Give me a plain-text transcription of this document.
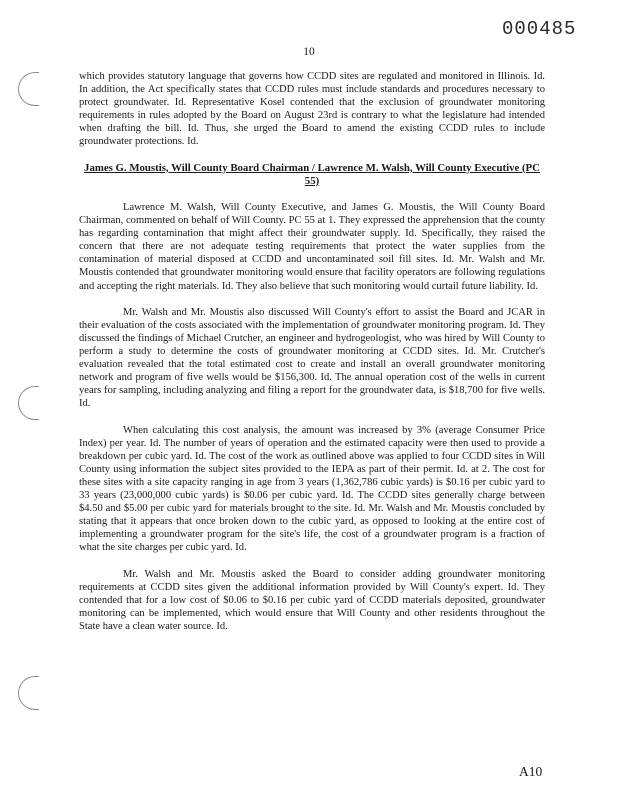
000485
10

which provides statutory language that governs how CCDD sites are regulated and monitored in Illinois. Id. In addition, the Act specifically states that CCDD rules must include standards and procedures necessary to protect groundwater. Id. Representative Kosel contended that the exclusion of groundwater monitoring requirements in rules adopted by the Board on August 23rd is contrary to what the legislature had intended when drafting the bill. Id. Thus, she urged the Board to amend the existing CCDD rules to include groundwater protections. Id.

James G. Moustis, Will County Board Chairman / Lawrence M. Walsh, Will County Executive (PC 55)

Lawrence M. Walsh, Will County Executive, and James G. Moustis, the Will County Board Chairman, commented on behalf of Will County. PC 55 at 1. They expressed the apprehension that the county has regarding contamination that might affect their groundwater supply. Id. Specifically, they raised the concern that there are not adequate testing requirements that protect the water supplies from the contamination of material disposed at CCDD and uncontaminated soil fill sites. Id. Mr. Walsh and Mr. Moustis contended that groundwater monitoring would ensure that facility operators are following regulations and accepting the right materials. Id. They also believe that such monitoring would curtail future liability. Id.

Mr. Walsh and Mr. Moustis also discussed Will County's effort to assist the Board and JCAR in their evaluation of the costs associated with the implementation of groundwater monitoring program. Id. They discussed the findings of Michael Crutcher, an engineer and hydrogeologist, who was hired by Will County to perform a study to determine the costs of groundwater monitoring at CCDD sites. Id. Mr. Crutcher's evaluation revealed that the total estimated cost to create and install an overall groundwater monitoring network and program of five wells would be $156,300. Id. The annual operation cost of the wells in current years for sampling, including analyzing and filing a report for the groundwater data, is $18,700 for five wells. Id.

When calculating this cost analysis, the amount was increased by 3% (average Consumer Price Index) per year. Id. The number of years of operation and the estimated capacity were then used to provide a breakdown per cubic yard. Id. The cost of the work as outlined above was applied to four CCDD sites in Will County using information the subject sites provided to the IEPA as part of their permit. Id. at 2. The cost for these sites with a site capacity ranging in age from 3 years (1,362,786 cubic yards) is $0.16 per cubic yard to 33 years (23,000,000 cubic yards) is $0.06 per cubic yard. Id. The CCDD sites generally charge between $4.50 and $5.00 per cubic yard for materials brought to the site. Id. Mr. Walsh and Mr. Moustis concluded by stating that it appears that once broken down to the cubic yard, as opposed to looking at the entire cost of implementing a groundwater program for the site's life, the cost of a groundwater program is a fraction of what the site charges per cubic yard. Id.

Mr. Walsh and Mr. Moustis asked the Board to consider adding groundwater monitoring requirements at CCDD sites given the additional information provided by Will County's expert. Id. They contended that for a low cost of $0.06 to $0.16 per cubic yard of CCDD materials deposited, groundwater monitoring can be implemented, which would ensure that Will County and other residents throughout the State have a clean water source. Id.

A10
